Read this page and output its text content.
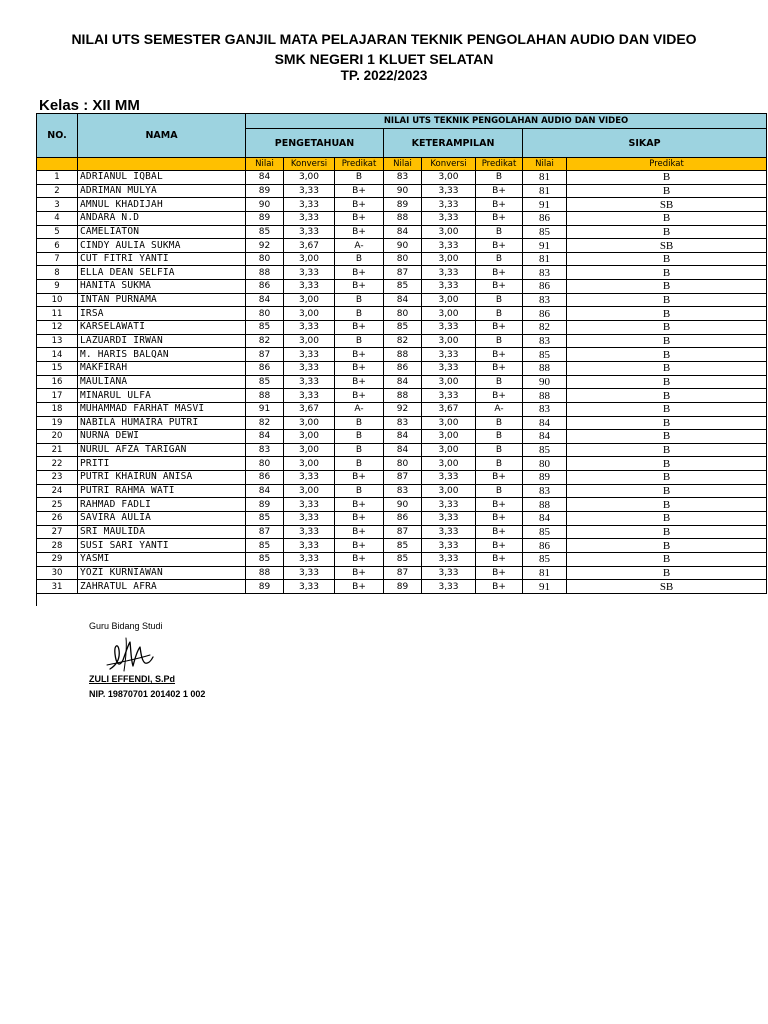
NILAI UTS SEMESTER GANJIL MATA PELAJARAN TEKNIK PENGOLAHAN AUDIO DAN VIDEO
SMK NEGERI 1 KLUET SELATAN
TP. 2022/2023
Kelas : XII MM
NO.	NAMA	NILAI UTS TEKNIK PENGOLAHAN AUDIO DAN VIDEO							
		PENGETAHUAN			KETERAMPILAN			SIKAP	
		Nilai	Konversi	Predikat	Nilai	Konversi	Predikat	Nilai	Predikat
1	ADRIANUL IQBAL	84	3,00	B	83	3,00	B	81	B
2	ADRIMAN MULYA	89	3,33	B+	90	3,33	B+	81	B
3	AMNUL KHADIJAH	90	3,33	B+	89	3,33	B+	91	SB
4	ANDARA N.D	89	3,33	B+	88	3,33	B+	86	B
5	CAMELIATON	85	3,33	B+	84	3,00	B	85	B
6	CINDY AULIA SUKMA	92	3,67	A-	90	3,33	B+	91	SB
7	CUT FITRI YANTI	80	3,00	B	80	3,00	B	81	B
8	ELLA DEAN SELFIA	88	3,33	B+	87	3,33	B+	83	B
9	HANITA SUKMA	86	3,33	B+	85	3,33	B+	86	B
10	INTAN PURNAMA	84	3,00	B	84	3,00	B	83	B
11	IRSA	80	3,00	B	80	3,00	B	86	B
12	KARSELAWATI	85	3,33	B+	85	3,33	B+	82	B
13	LAZUARDI IRWAN	82	3,00	B	82	3,00	B	83	B
14	M. HARIS BALQAN	87	3,33	B+	88	3,33	B+	85	B
15	MAKFIRAH	86	3,33	B+	86	3,33	B+	88	B
16	MAULIANA	85	3,33	B+	84	3,00	B	90	B
17	MINARUL ULFA	88	3,33	B+	88	3,33	B+	88	B
18	MUHAMMAD FARHAT MASVI	91	3,67	A-	92	3,67	A-	83	B
19	NABILA HUMAIRA PUTRI	82	3,00	B	83	3,00	B	84	B
20	NURNA DEWI	84	3,00	B	84	3,00	B	84	B
21	NURUL AFZA TARIGAN	83	3,00	B	84	3,00	B	85	B
22	PRITI	80	3,00	B	80	3,00	B	80	B
23	PUTRI KHAIRUN ANISA	86	3,33	B+	87	3,33	B+	89	B
24	PUTRI RAHMA WATI	84	3,00	B	83	3,00	B	83	B
25	RAHMAD FADLI	89	3,33	B+	90	3,33	B+	88	B
26	SAVIRA AULIA	85	3,33	B+	86	3,33	B+	84	B
27	SRI MAULIDA	87	3,33	B+	87	3,33	B+	85	B
28	SUSI SARI YANTI	85	3,33	B+	85	3,33	B+	86	B
29	YASMI	85	3,33	B+	85	3,33	B+	85	B
30	YOZI KURNIAWAN	88	3,33	B+	87	3,33	B+	81	B
31	ZAHRATUL AFRA	89	3,33	B+	89	3,33	B+	91	SB
Guru Bidang Studi
ZULI EFFENDI, S.Pd
NIP. 19870701 201402 1 002
